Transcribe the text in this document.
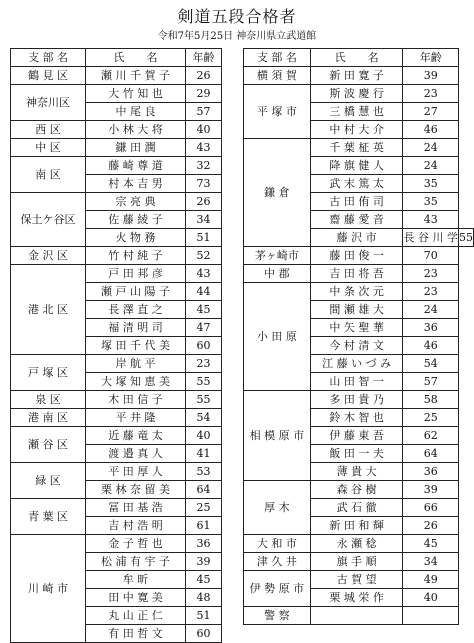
剣道五段合格者
令和7年5月25日 神奈川県立武道館
支 部 名	氏　　名	年齢
鶴 見 区	瀬 川 千 賀 子	26
神奈川区	大 竹 知 也	29
	中 尾 良	57
西 区	小 林 大 将	40
中 区	鎌 田 潤	43
南 区	藤 崎 尊 道	32
	村 本 吉 男	73
保土ケ谷区	宗 亮 典	26
	佐 藤 綾 子	34
	火 物 務	51
金 沢 区	竹 村 純 子	52
港 北 区	戸 田 邦 彦	43
	瀬 戸 山 陽 子	44
	長 澤 直 之	45
	福 清 明 司	47
	塚 田 千 代 美	60
戸 塚 区	岸 航 平	23
	大 塚 知 恵 美	55
泉 区	木 田 信 子	55
港 南 区	平 井 隆	54
瀬 谷 区	近 藤 竜 太	40
	渡 邉 真 人	41
緑 区	平 田 厚 人	53
	栗 林 奈 留 美	64
青 葉 区	冨 田 基 浩	25
	吉 村 浩 明	61
川 崎 市	金 子 哲 也	36
	松 浦 有 宇 子	39
	牟 昕	45
	田 中 寛 美	48
	丸 山 正 仁	51
	有 田 哲 文	60
支 部 名	氏　　名	年齢	
横 須 賀	新 田 寛 子	39	
平 塚 市	斯 波 慶 行	23	
	三 橋 慧 也	27	
	中 村 大 介	46	
鎌 倉	千 葉 柾 英	24	
	降 旗 健 人	24	
	武 末 篤 太	35	
	古 田 侑 司	35	
	齋 藤 愛 音	43	
	藤 沢 市	長 谷 川 学	55
茅ヶ崎市	藤 田 俊 一	70	
中 郡	吉 田 将 吾	23	
小 田 原	中 条 次 元	23	
	間 瀬 雄 大	24	
	中 矢 聖 華	36	
	今 村 清 文	46	
	江 藤 い づ み	54	
	山 田 智 一	57	
相 模 原 市	多 田 貴 乃	58	
	鈴 木 智 也	25	
	伊 藤 東 吾	62	
	飯 田 一 夫	64	
	薄 貴 大	36	
厚 木	森 谷 樹	39	
	武 石 徹	66	
	新 田 和 輝	26	
大 和 市	永 瀬 稔	45	
津 久 井	旗 手 順	34	
伊 勢 原 市	古 賀 望	49	
	栗 城 栄 作	40	
警 察			
